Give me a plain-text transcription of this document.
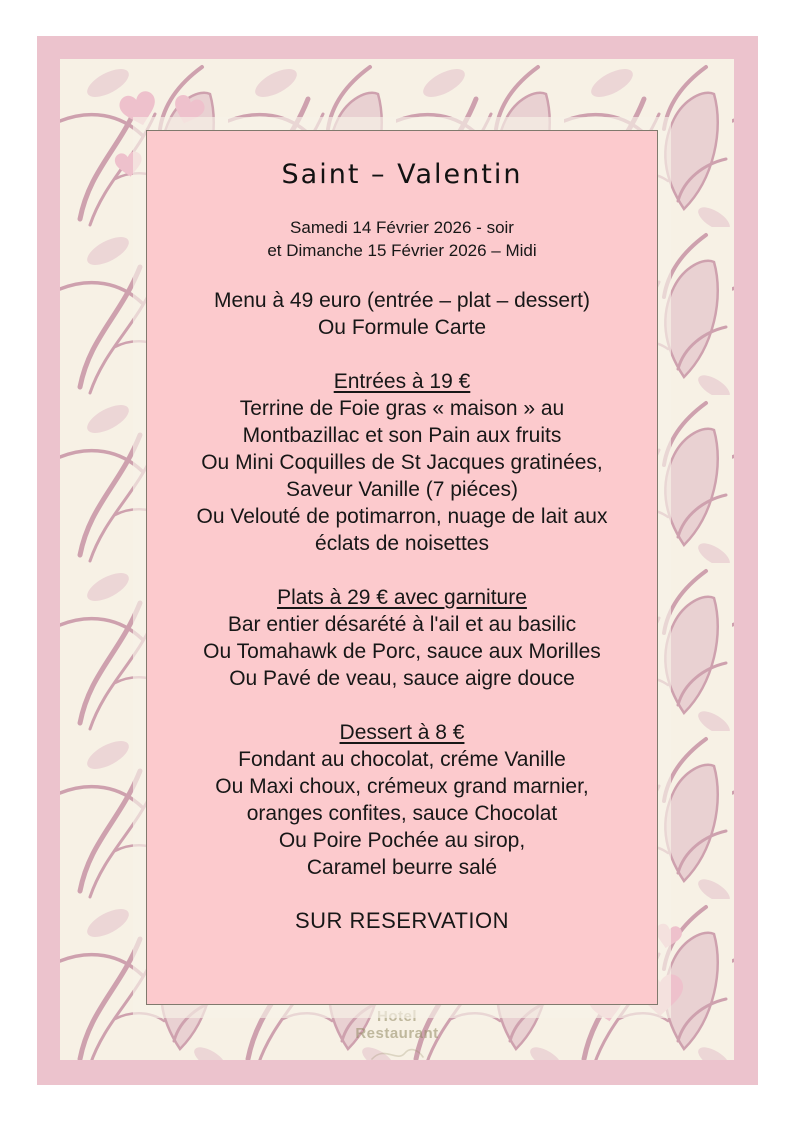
Hotel
Restaurant
Saint – Valentin
Samedi 14 Février 2026 - soir
et Dimanche 15 Février 2026 – Midi
Menu à 49 euro (entrée – plat – dessert)
Ou Formule Carte
Entrées à 19 €
Terrine de Foie gras « maison » au
Montbazillac et son Pain aux fruits
Ou Mini Coquilles de St Jacques gratinées,
Saveur Vanille (7 piéces)
Ou Velouté de potimarron, nuage de lait aux
éclats de noisettes
Plats à 29 € avec garniture
Bar entier désarété à l'ail et au basilic
Ou Tomahawk de Porc, sauce aux Morilles
Ou Pavé de veau, sauce aigre douce
Dessert à 8 €
Fondant au chocolat, créme Vanille
Ou Maxi choux, crémeux grand marnier,
oranges confites, sauce Chocolat
Ou Poire Pochée au sirop,
Caramel beurre salé
SUR RESERVATION
